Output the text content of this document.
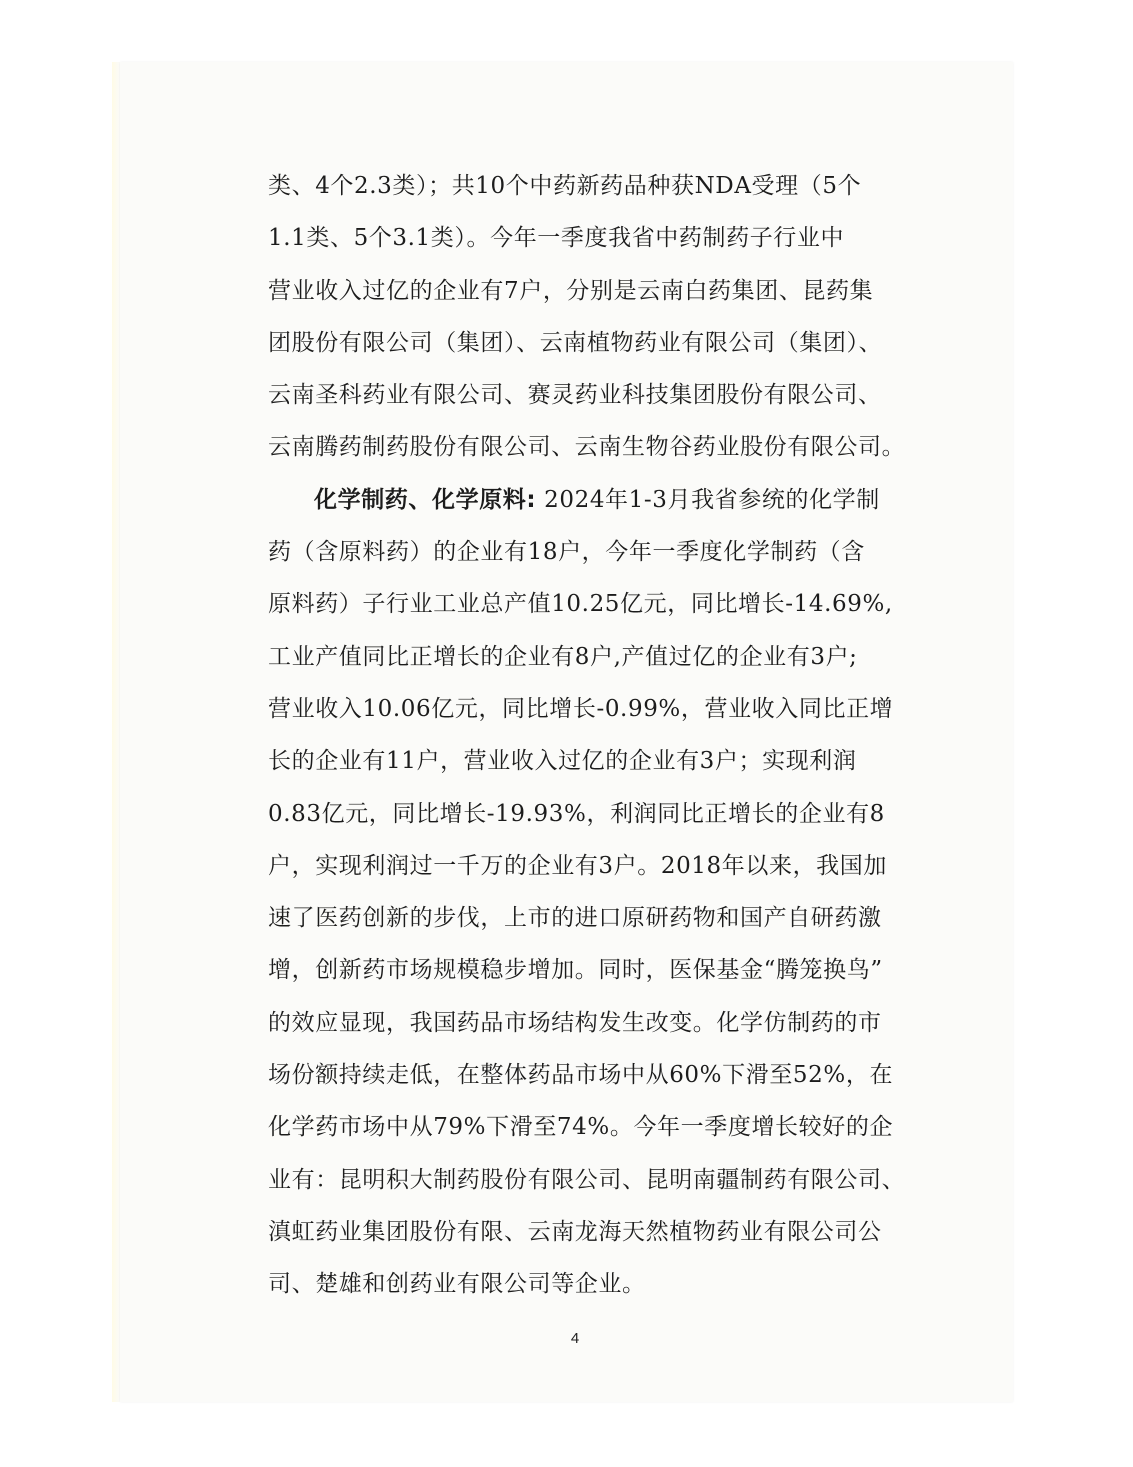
类、4个2.3类）；共10个中药新药品种获NDA受理（5个
1.1类、5个3.1类）。今年一季度我省中药制药子行业中
营业收入过亿的企业有7户，分别是云南白药集团、昆药集
团股份有限公司（集团）、云南植物药业有限公司（集团）、
云南圣科药业有限公司、赛灵药业科技集团股份有限公司、
云南腾药制药股份有限公司、云南生物谷药业股份有限公司。
化学制药、化学原料: 2024年1-3月我省参统的化学制
药（含原料药）的企业有18户，今年一季度化学制药（含
原料药）子行业工业总产值10.25亿元，同比增长-14.69%,
工业产值同比正增长的企业有8户,产值过亿的企业有3户;
营业收入10.06亿元，同比增长-0.99%，营业收入同比正增
长的企业有11户，营业收入过亿的企业有3户；实现利润
0.83亿元，同比增长-19.93%，利润同比正增长的企业有8
户，实现利润过一千万的企业有3户。2018年以来，我国加
速了医药创新的步伐，上市的进口原研药物和国产自研药激
增，创新药市场规模稳步增加。同时，医保基金“腾笼换鸟”
的效应显现，我国药品市场结构发生改变。化学仿制药的市
场份额持续走低，在整体药品市场中从60%下滑至52%，在
化学药市场中从79%下滑至74%。今年一季度增长较好的企
业有：昆明积大制药股份有限公司、昆明南疆制药有限公司、
滇虹药业集团股份有限、云南龙海天然植物药业有限公司公
司、楚雄和创药业有限公司等企业。
4
